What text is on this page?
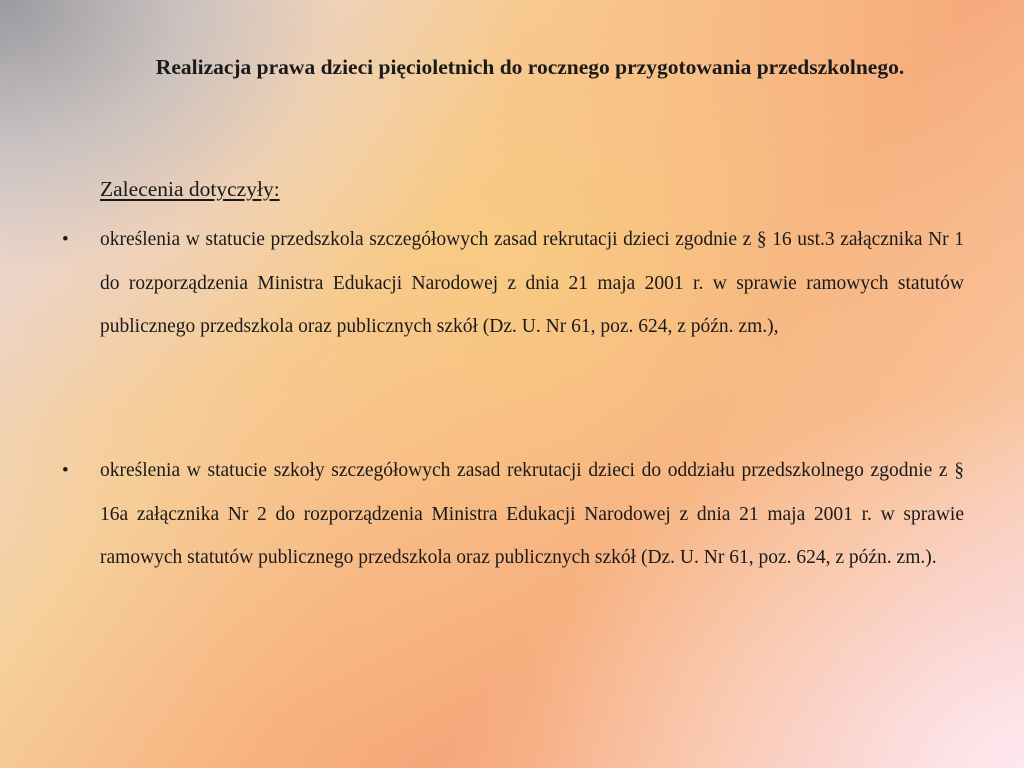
Realizacja prawa dzieci pięcioletnich do rocznego przygotowania przedszkolnego.
Zalecenia dotyczyły:
• określenia w statucie przedszkola szczegółowych zasad rekrutacji dzieci zgodnie z § 16 ust.3 załącznika Nr 1 do rozporządzenia Ministra Edukacji Narodowej z dnia 21 maja 2001 r. w sprawie ramowych statutów publicznego przedszkola oraz publicznych szkół (Dz. U. Nr 61, poz. 624, z późn. zm.),
• określenia w statucie szkoły szczegółowych zasad rekrutacji dzieci do oddziału przedszkolnego zgodnie z § 16a załącznika Nr 2 do rozporządzenia Ministra Edukacji Narodowej z dnia 21 maja 2001 r. w sprawie ramowych statutów publicznego przedszkola oraz publicznych szkół (Dz. U. Nr 61, poz. 624, z późn. zm.).
